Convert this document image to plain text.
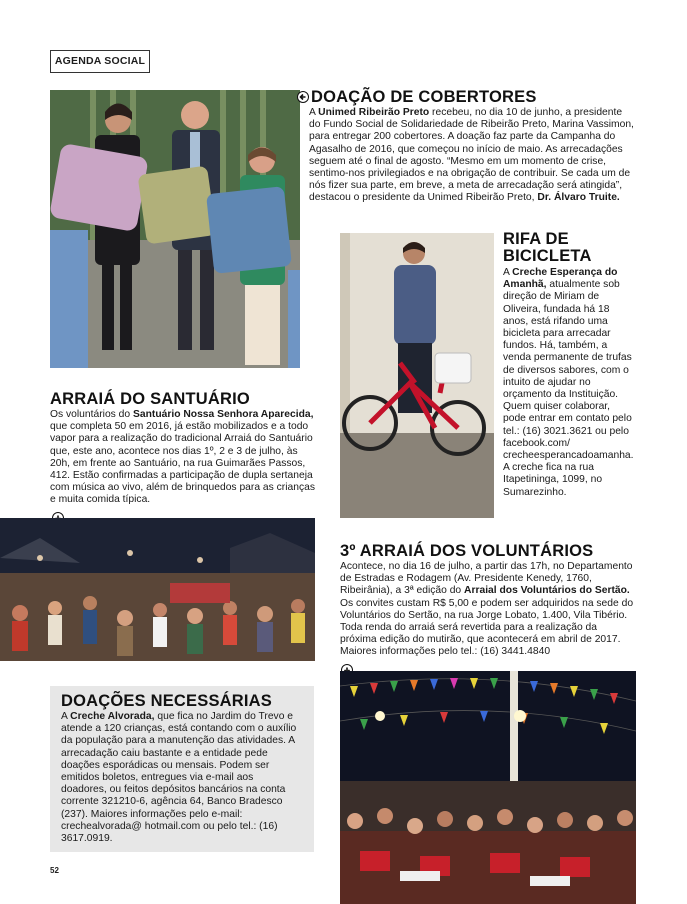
AGENDA SOCIAL
DOAÇÃO DE COBERTORES
A Unimed Ribeirão Preto recebeu, no dia 10 de junho, a presidente do Fundo Social de Solidariedade de Ribeirão Preto, Marina Vassimon, para entregar 200 cobertores. A doação faz parte da Campanha do Agasalho de 2016, que começou no início de maio. As arrecadações seguem até o final de agosto. “Mesmo em um momento de crise, sentimo-nos privilegiados e na obrigação de contribuir. Se cada um de nós fizer sua parte, em breve, a meta de arrecadação será atingida”, destacou o presidente da Unimed Ribeirão Preto, Dr. Álvaro Truite.
RIFA DE BICICLETA
A Creche Esperança do Amanhã, atualmente sob direção de Miriam de Oliveira, fundada há 18 anos, está rifando uma bicicleta para arrecadar fundos. Há, também, a venda permanente de trufas de diversos sabores, com o intuito de ajudar no orçamento da Instituição. Quem quiser colaborar, pode entrar em contato pelo tel.: (16) 3021.3621 ou pelo facebook.com/ crecheesperancadoamanha. A creche fica na rua Itapetininga, 1099, no Sumarezinho.
ARRAIÁ DO SANTUÁRIO
Os voluntários do Santuário Nossa Senhora Aparecida, que completa 50 em 2016, já estão mobilizados e a todo vapor para a realização do tradicional Arraiá do Santuário que, este ano, acontece nos dias 1º, 2 e 3 de julho, às 20h, em frente ao Santuário, na rua Guimarães Passos, 412. Estão confirmadas a participação de dupla sertaneja com música ao vivo, além de brinquedos para as crianças e muita comida típica.
3º ARRAIÁ DOS VOLUNTÁRIOS
Acontece, no dia 16 de julho, a partir das 17h, no Departamento de Estradas e Rodagem (Av. Presidente Kenedy, 1760, Ribeirânia), a 3ª edição do Arraial dos Voluntários do Sertão. Os convites custam R$ 5,00 e podem ser adquiridos na sede do Voluntários do Sertão, na rua Jorge Lobato, 1.400, Vila Tibério. Toda renda do arraiá será revertida para a realização da próxima edição do mutirão, que acontecerá em abril de 2017. Maiores informações pelo tel.: (16) 3441.4840
DOAÇÕES NECESSÁRIAS
A Creche Alvorada, que fica no Jardim do Trevo e atende a 120 crianças, está contando com o auxílio da população para a manutenção das atividades. A arrecadação caiu bastante e a entidade pede doações esporádicas ou mensais. Podem ser emitidos boletos, entregues via e-mail aos doadores, ou feitos depósitos bancários na conta corrente 321210-6, agência 64, Banco Bradesco (237). Maiores informações pelo e-mail: crechealvorada@ hotmail.com ou pelo tel.: (16) 3617.0919.
52
